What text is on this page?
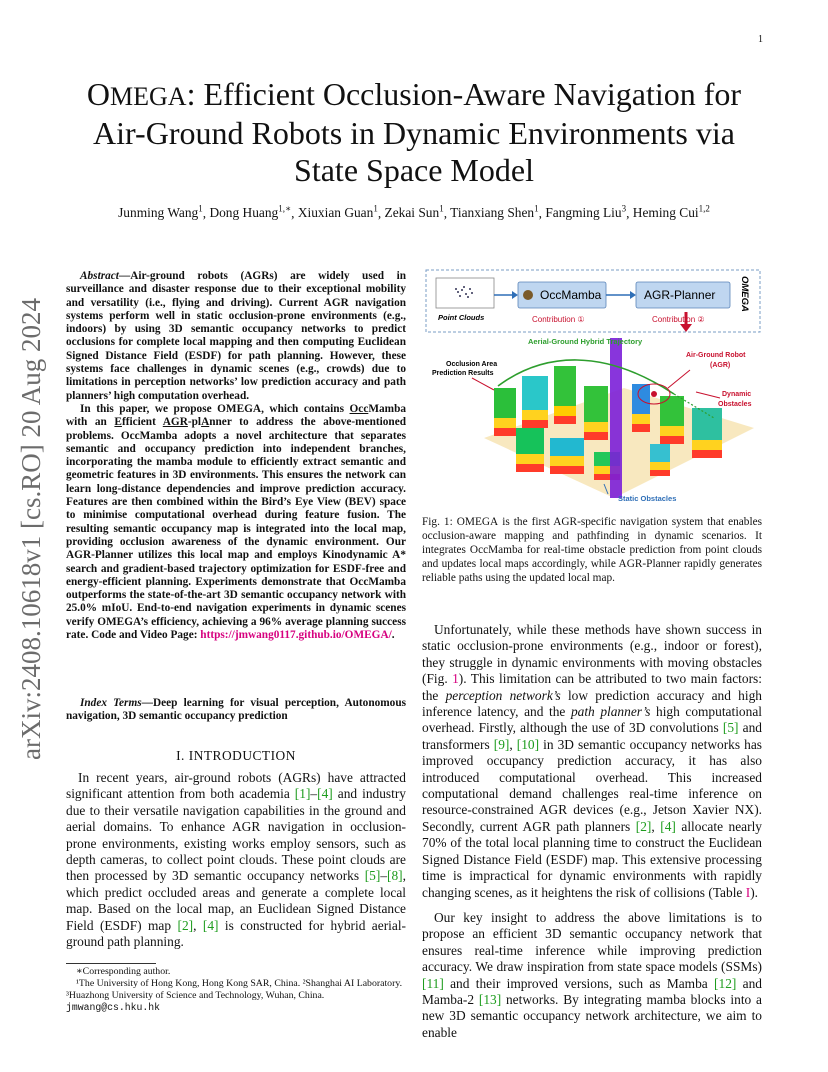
1
arXiv:2408.10618v1 [cs.RO] 20 Aug 2024
OMEGA: Efficient Occlusion-Aware Navigation for
Air-Ground Robots in Dynamic Environments via
State Space Model
Junming Wang$^1$, Dong Huang$^{1,∗}$, Xiuxian Guan$^1$, Zekai Sun$^1$, Tianxiang Shen$^1$, Fangming Liu$^3$, Heming Cui$^{1,2}$

Abstract—Air-ground robots (AGRs) are widely used in surveillance and disaster response due to their exceptional mobility and versatility (i.e., flying and driving). Current AGR navigation systems perform well in static occlusion-prone environments (e.g., indoors) by using 3D semantic occupancy networks to predict occlusions for complete local mapping and then computing Euclidean Signed Distance Field (ESDF) for path planning. However, these systems face challenges in dynamic scenes (e.g., crowds) due to limitations in perception networks’ low prediction accuracy and path planners’ high computation overhead.

In this paper, we propose OMEGA, which contains OccMamba with an Efficient AGR-plAnner to address the above-mentioned problems. OccMamba adopts a novel architecture that separates semantic and occupancy prediction into independent branches, incorporating the mamba module to efficiently extract semantic and geometric features in 3D environments. This ensures the network can learn long-distance dependencies and improve prediction accuracy. Features are then combined within the Bird’s Eye View (BEV) space to minimise computational overhead during feature fusion. The resulting semantic occupancy map is integrated into the local map, providing occlusion awareness of the dynamic environment. Our AGR-Planner utilizes this local map and employs Kinodynamic A* search and gradient-based trajectory optimization for ESDF-free and energy-efficient planning. Experiments demonstrate that OccMamba outperforms the state-of-the-art 3D semantic occupancy network with 25.0% mIoU. End-to-end navigation experiments in dynamic scenes verify OMEGA’s efficiency, achieving a 96% average planning success rate. Code and Video Page: https://jmwang0117.github.io/OMEGA/.

Index Terms—Deep learning for visual perception, Autonomous navigation, 3D semantic occupancy prediction
I. INTRODUCTION

In recent years, air-ground robots (AGRs) have attracted significant attention from both academia [1]–[4] and industry due to their versatile navigation capabilities in the ground and aerial domains. To enhance AGR navigation in occlusion-prone environments, existing works employ sensors, such as depth cameras, to collect point clouds. These point clouds are then processed by 3D semantic occupancy networks [5]–[8], which predict occluded areas and generate a complete local map. Based on the local map, an Euclidean Signed Distance Field (ESDF) map [2], [4] is constructed for hybrid aerial-ground path planning.

∗Corresponding author.

¹The University of Hong Kong, Hong Kong SAR, China. ²Shanghai AI Laboratory. ³Huazhong University of Science and Technology, Wuhan, China.

jmwang@cs.hku.hk

Point Clouds
OccMamba	AGR-Planner OMEGA
Contribution ①	Contribution ②
Aerial-Ground Hybrid Trajectory
Occlusion Area
Prediction Results
Air-Ground Robot
(AGR)
Dynamic
Obstacles
Static Obstacles
Fig. 1: OMEGA is the first AGR-specific navigation system that enables occlusion-aware mapping and pathfinding in dynamic scenarios. It integrates OccMamba for real-time obstacle prediction from point clouds and updates local maps accordingly, while AGR-Planner rapidly generates reliable paths using the updated local map.

Unfortunately, while these methods have shown success in static occlusion-prone environments (e.g., indoor or forest), they struggle in dynamic environments with moving obstacles (Fig. 1). This limitation can be attributed to two main factors: the perception network’s low prediction accuracy and high inference latency, and the path planner’s high computational overhead. Firstly, although the use of 3D convolutions [5] and transformers [9], [10] in 3D semantic occupancy networks has improved occupancy prediction accuracy, it has also introduced computational overhead. This increased computational demand challenges real-time inference on resource-constrained AGR devices (e.g., Jetson Xavier NX). Secondly, current AGR path planners [2], [4] allocate nearly 70% of the total local planning time to construct the Euclidean Signed Distance Field (ESDF) map. This extensive processing time is impractical for dynamic environments with rapidly changing scenes, as it heightens the risk of collisions (Table I).

Our key insight to address the above limitations is to propose an efficient 3D semantic occupancy network that ensures real-time inference while improving prediction accuracy. We draw inspiration from state space models (SSMs) [11] and their improved versions, such as Mamba [12] and Mamba-2 [13] networks. By integrating mamba blocks into a new 3D semantic occupancy network architecture, we aim to enable
